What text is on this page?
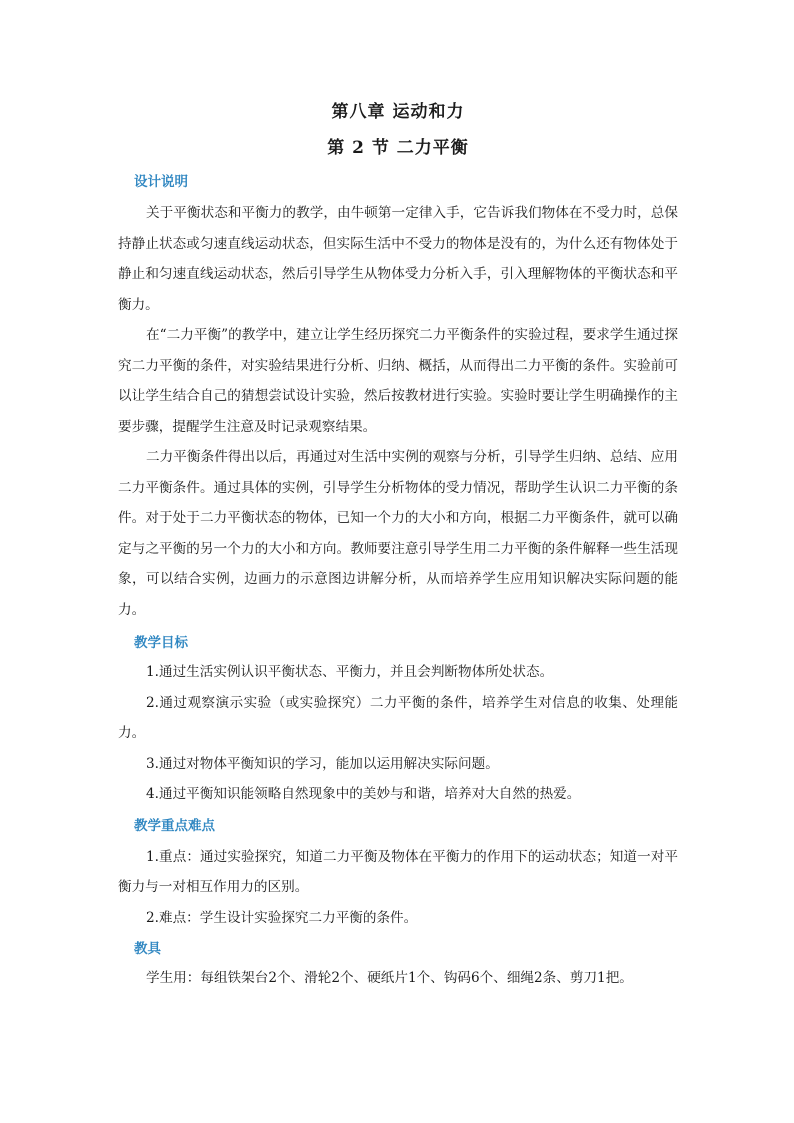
第八章 运动和力
第 2 节 二力平衡
设计说明

关于平衡状态和平衡力的教学，由牛顿第一定律入手，它告诉我们物体在不受力时，总保持静止状态或匀速直线运动状态，但实际生活中不受力的物体是没有的，为什么还有物体处于静止和匀速直线运动状态，然后引导学生从物体受力分析入手，引入理解物体的平衡状态和平衡力。

在“二力平衡”的教学中，建立让学生经历探究二力平衡条件的实验过程，要求学生通过探究二力平衡的条件，对实验结果进行分析、归纳、概括，从而得出二力平衡的条件。实验前可以让学生结合自己的猜想尝试设计实验，然后按教材进行实验。实验时要让学生明确操作的主要步骤，提醒学生注意及时记录观察结果。

二力平衡条件得出以后，再通过对生活中实例的观察与分析，引导学生归纳、总结、应用二力平衡条件。通过具体的实例，引导学生分析物体的受力情况，帮助学生认识二力平衡的条件。对于处于二力平衡状态的物体，已知一个力的大小和方向，根据二力平衡条件，就可以确定与之平衡的另一个力的大小和方向。教师要注意引导学生用二力平衡的条件解释一些生活现象，可以结合实例，边画力的示意图边讲解分析，从而培养学生应用知识解决实际问题的能力。

教学目标

1.通过生活实例认识平衡状态、平衡力，并且会判断物体所处状态。

2.通过观察演示实验（或实验探究）二力平衡的条件，培养学生对信息的收集、处理能力。

3.通过对物体平衡知识的学习，能加以运用解决实际问题。

4.通过平衡知识能领略自然现象中的美妙与和谐，培养对大自然的热爱。

教学重点难点

1.重点：通过实验探究，知道二力平衡及物体在平衡力的作用下的运动状态；知道一对平衡力与一对相互作用力的区别。

2.难点：学生设计实验探究二力平衡的条件。

教具

学生用：每组铁架台2个、滑轮2个、硬纸片1个、钩码6个、细绳2条、剪刀1把。
